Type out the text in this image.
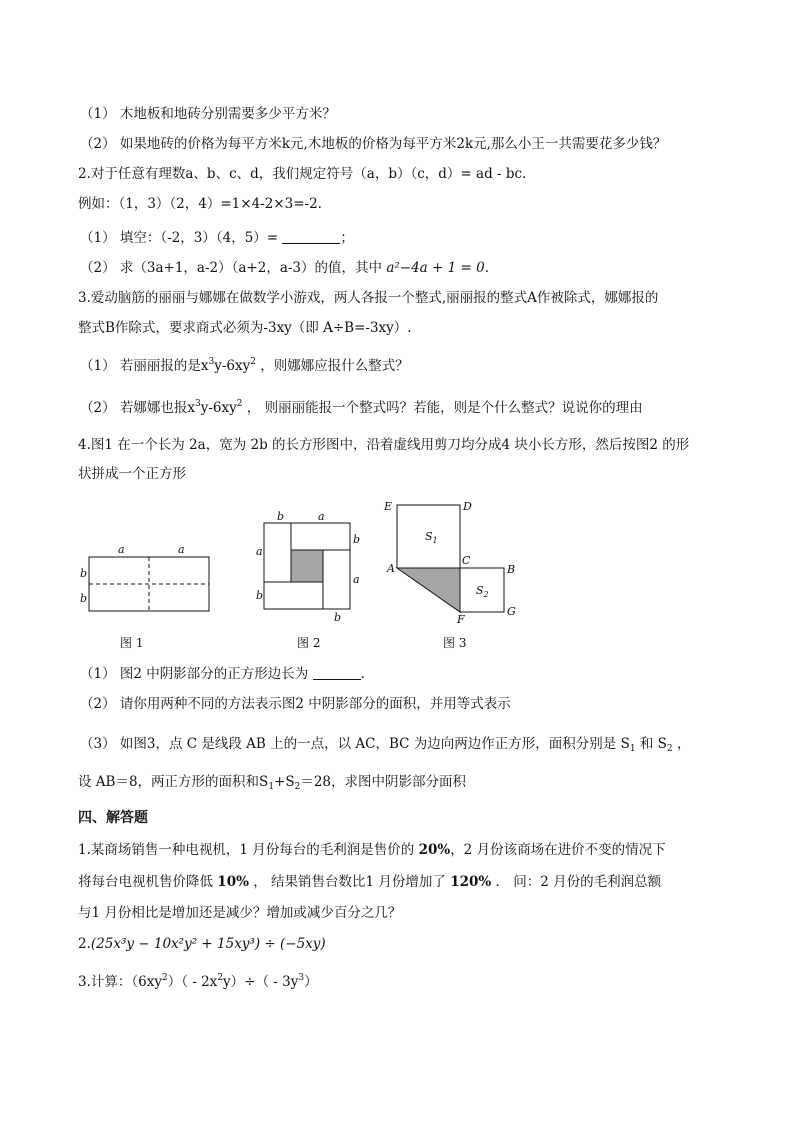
（1） 木地板和地砖分别需要多少平方米？
（2） 如果地砖的价格为每平方米k元,木地板的价格为每平方米2k元,那么小王一共需要花多少钱？
2.对于任意有理数a、b、c、d，我们规定符号（a，b）（c，d）= ad - bc.
例如：（1，3）（2，4）=1×4-2×3=-2.
（1） 填空：（-2，3）（4，5）=	；
（2） 求（3a+1，a-2）（a+2，a-3）的值，其中 a²−4a + 1 = 0.
3.爱动脑筋的丽丽与娜娜在做数学小游戏，两人各报一个整式,丽丽报的整式A作被除式，娜娜报的
整式B作除式，要求商式必须为-3xy（即 A÷B=-3xy）.
（1） 若丽丽报的是$x^3y-6xy^2$ ，则娜娜应报什么整式？
（2） 若娜娜也报$x^3y-6xy^2$ ， 则丽丽能报一个整式吗？若能，则是个什么整式？说说你的理由
4.图1 在一个长为 2a，宽为 2b 的长方形图中，沿着虚线用剪刀均分成4 块小长方形，然后按图2 的形
状拼成一个正方形
a	a
b
b
b	a
a
b
b
a
b
E	D
C
A	B
F
G
$S_1$
$S_2$
图 1	图 2	图 3
（1） 图2 中阴影部分的正方形边长为	.
（2） 请你用两种不同的方法表示图2 中阴影部分的面积，并用等式表示
（3） 如图3，点 C 是线段 AB 上的一点，以 AC，BC 为边向两边作正方形，面积分别是 $S_1$ 和 $S_2$ ，
设 AB＝8，两正方形的面积和$S_1+S_2=28$，求图中阴影部分面积
四、解答题
1.某商场销售一种电视机，1 月份每台的毛利润是售价的 20%，2 月份该商场在进价不变的情况下
将每台电视机售价降低 10% ， 结果销售台数比1 月份增加了 120% ． 问：2 月份的毛利润总额
与1 月份相比是增加还是减少？增加或减少百分之几？
2.(25x³y − 10x²y² + 15xy³) ÷ (−5xy)
3.计算：$(6xy^2)( - 2x^2y)\div( - 3y^3)$
